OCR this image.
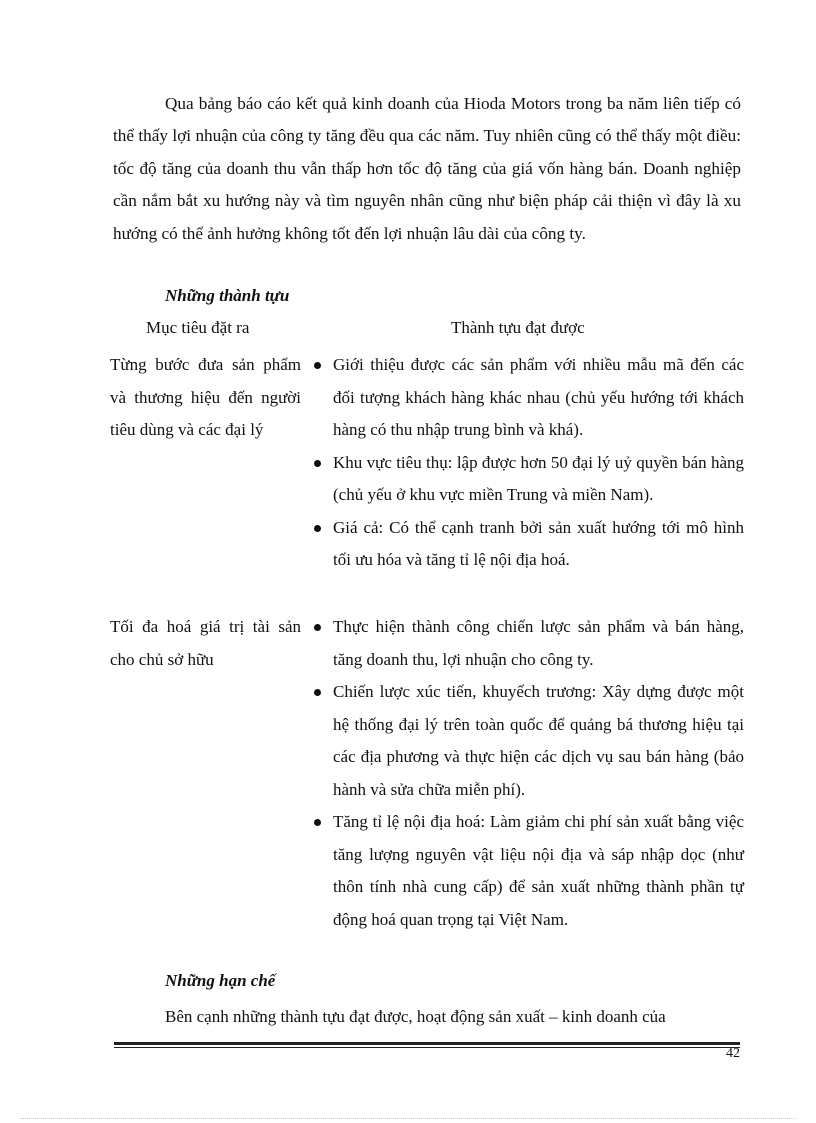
Qua bảng báo cáo kết quả kinh doanh của Hioda Motors trong ba năm liên tiếp có thể thấy lợi nhuận của công ty tăng đều qua các năm. Tuy nhiên cũng có thể thấy một điều: tốc độ tăng của doanh thu vẫn thấp hơn tốc độ tăng của giá vốn hàng bán. Doanh nghiệp cần nắm bắt xu hướng này và tìm nguyên nhân cũng như biện pháp cải thiện vì đây là xu hướng có thể ảnh hưởng không tốt đến lợi nhuận lâu dài của công ty.

Những thành tựu

Mục tiêu đặt ra	Thành tựu đạt được

Từng bước đưa sản phẩm và thương hiệu đến người tiêu dùng và các đại lý

Giới thiệu được các sản phẩm với nhiều mẫu mã đến các đối tượng khách hàng khác nhau (chủ yếu hướng tới khách hàng có thu nhập trung bình và khá).
Khu vực tiêu thụ: lập được hơn 50 đại lý uỷ quyền bán hàng (chủ yếu ở khu vực miền Trung và miền Nam).
Giá cả: Có thể cạnh tranh bởi sản xuất hướng tới mô hình tối ưu hóa và tăng tỉ lệ nội địa hoá.

Tối đa hoá giá trị tài sản cho chủ sở hữu

Thực hiện thành công chiến lược sản phẩm và bán hàng, tăng doanh thu, lợi nhuận cho công ty.
Chiến lược xúc tiến, khuyếch trương: Xây dựng được một hệ thống đại lý trên toàn quốc để quảng bá thương hiệu tại các địa phương và thực hiện các dịch vụ sau bán hàng (bảo hành và sửa chữa miễn phí).
Tăng tỉ lệ nội địa hoá: Làm giảm chi phí sản xuất bằng việc tăng lượng nguyên vật liệu nội địa và sáp nhập dọc (như thôn tính nhà cung cấp) để sản xuất những thành phần tự động hoá quan trọng tại Việt Nam.

Những hạn chế

Bên cạnh những thành tựu đạt được, hoạt động sản xuất – kinh doanh của

42
